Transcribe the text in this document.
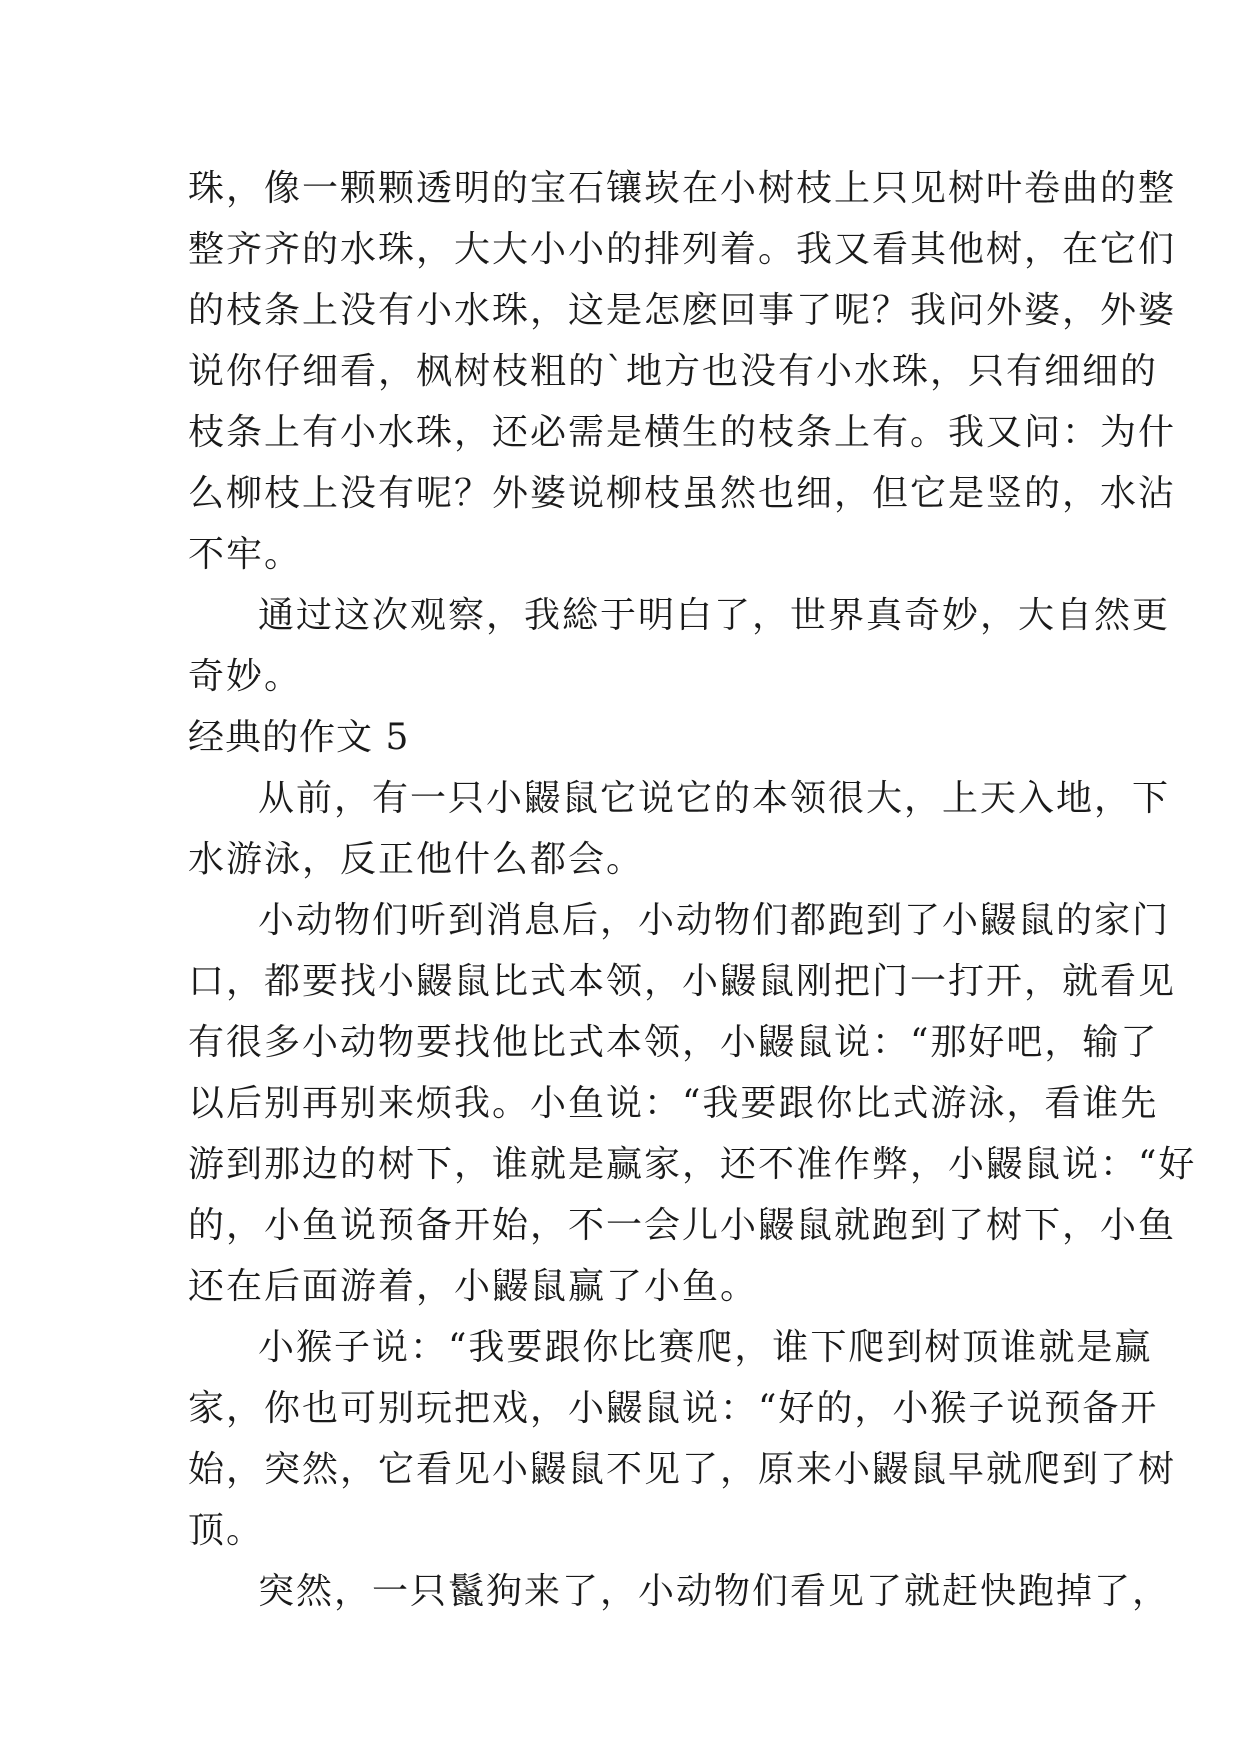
珠，像一颗颗透明的宝石镶崁在小树枝上只见树叶卷曲的整
整齐齐的水珠，大大小小的排列着。我又看其他树，在它们
的枝条上没有小水珠，这是怎麽回事了呢？我问外婆，外婆
说你仔细看，枫树枝粗的`地方也没有小水珠，只有细细的
枝条上有小水珠，还必需是横生的枝条上有。我又问：为什
么柳枝上没有呢？外婆说柳枝虽然也细，但它是竖的，水沾
不牢。
通过这次观察，我総于明白了，世界真奇妙，大自然更
奇妙。
经典的作文 5
从前，有一只小鼹鼠它说它的本领很大，上天入地，下
水游泳，反正他什么都会。
小动物们听到消息后，小动物们都跑到了小鼹鼠的家门
口，都要找小鼹鼠比式本领，小鼹鼠刚把门一打开，就看见
有很多小动物要找他比式本领，小鼹鼠说：“那好吧，输了
以后别再别来烦我。小鱼说：“我要跟你比式游泳，看谁先
游到那边的树下，谁就是赢家，还不准作弊，小鼹鼠说：“好
的，小鱼说预备开始，不一会儿小鼹鼠就跑到了树下，小鱼
还在后面游着，小鼹鼠赢了小鱼。
小猴子说：“我要跟你比赛爬，谁下爬到树顶谁就是赢
家，你也可别玩把戏，小鼹鼠说：“好的，小猴子说预备开
始，突然，它看见小鼹鼠不见了，原来小鼹鼠早就爬到了树
顶。
突然，一只鬣狗来了，小动物们看见了就赶快跑掉了，
